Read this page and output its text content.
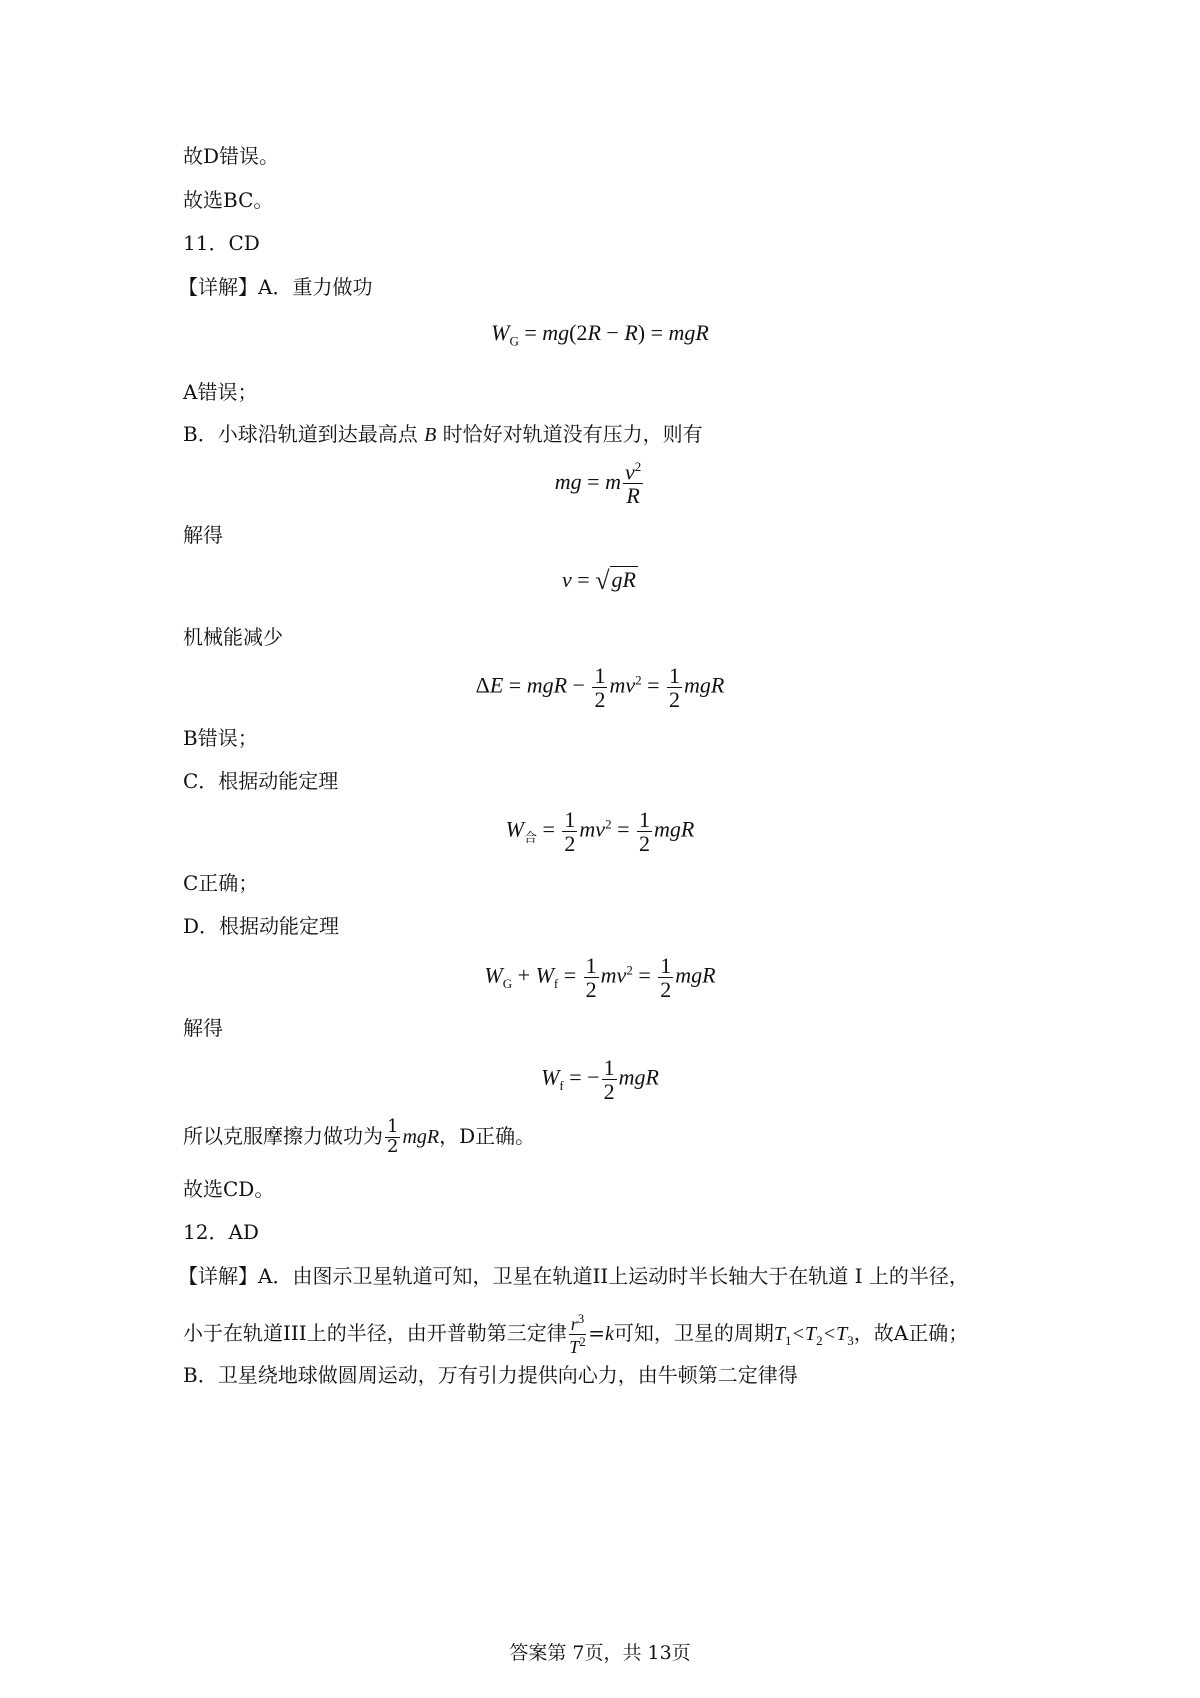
故D错误。
故选BC。
11．CD
【详解】A．重力做功
$W_G = mg(2R - R)$ = mgR
A错误；
B．小球沿轨道到达最高点 B 时恰好对轨道没有压力，则有
mg = m $\frac{v^2}{R}$
解得
v = √gR
机械能减少
ΔE = mgR − $\frac{1}{2} mv^2 = \frac{1}{2}$ mgR
B错误；
C．根据动能定理
$W_合 = \frac{1}{2} mv^2 = \frac{1}{2}$ mgR
C正确；
D．根据动能定理
$W_G + W_f = \frac{1}{2} mv^2 = \frac{1}{2}$ mgR
解得
$W_f$ = − $\frac{1}{2}$ mgR
所以克服摩擦力做功为 $\frac{1}{2}$ mgR，D正确。
故选CD。
12．AD
【详解】A．由图示卫星轨道可知，卫星在轨道II上运动时半长轴大于在轨道 I 上的半径，
小于在轨道III上的半径，由开普勒第三定律 $\frac{r^3}{T^2} =k$可知，卫星的周期$T_1<T_2<T_3$，故A正确；
B．卫星绕地球做圆周运动，万有引力提供向心力，由牛顿第二定律得
答案第 7页，共 13页
